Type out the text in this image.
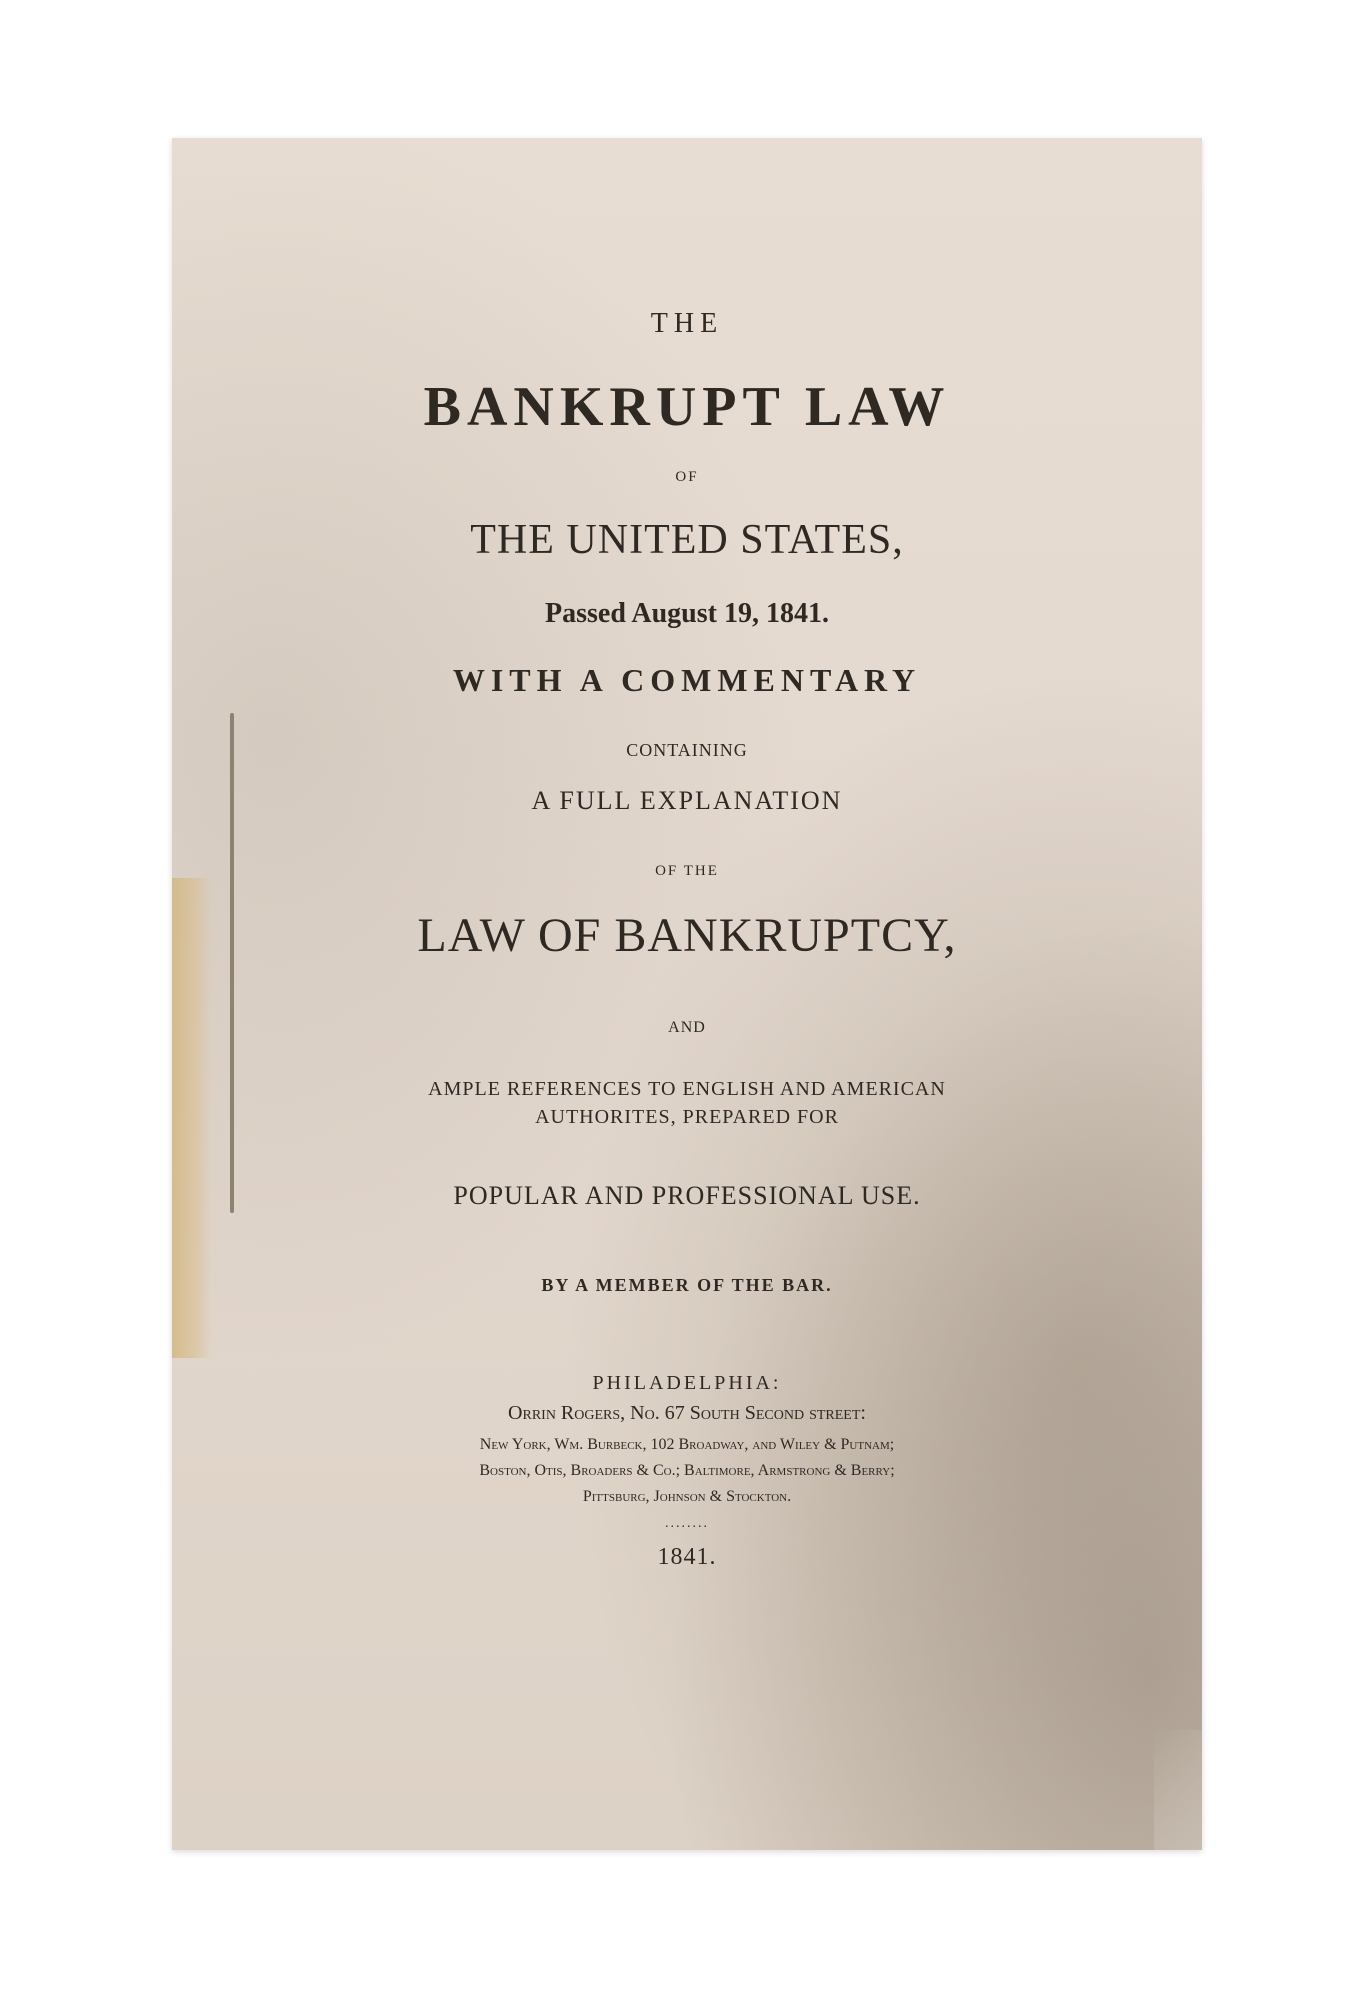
THE
BANKRUPT LAW
OF
THE UNITED STATES,
Passed August 19, 1841.
WITH A COMMENTARY
CONTAINING
A FULL EXPLANATION
OF THE
LAW OF BANKRUPTCY,
AND
AMPLE REFERENCES TO ENGLISH AND AMERICAN
AUTHORITES, PREPARED FOR
POPULAR AND PROFESSIONAL USE.
BY A MEMBER OF THE BAR.
PHILADELPHIA:
Orrin Rogers, No. 67 South Second street:
New York, Wm. Burbeck, 102 Broadway, and Wiley & Putnam;
Boston, Otis, Broaders & Co.; Baltimore, Armstrong & Berry;
Pittsburg, Johnson & Stockton.
........
1841.
